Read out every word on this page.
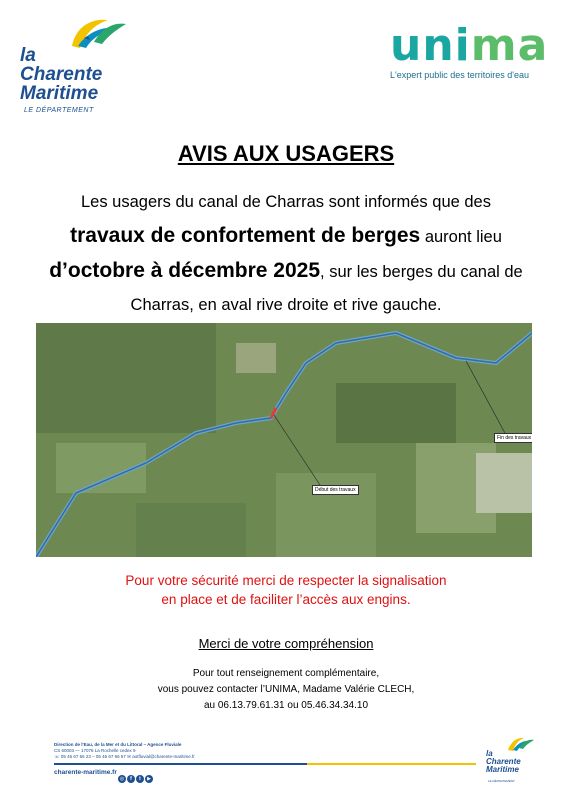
la
Charente
Maritime
LE DÉPARTEMENT
unima
L'expert public des territoires d'eau
AVIS AUX USAGERS
Les usagers du canal de Charras sont informés que des
travaux de confortement de berges auront lieu
d’octobre à décembre 2025, sur les berges du canal de Charras, en aval rive droite et rive gauche.
Début des travaux
Fin des travaux
Pour votre sécurité merci de respecter la signalisation
en place et de faciliter l’accès aux engins.
Merci de votre compréhension
Pour tout renseignement complémentaire,
vous pouvez contacter l’UNIMA, Madame Valérie CLECH,
au 06.13.79.61.31 ou 05.46.34.34.10
Direction de l'Eau, de la Mer et du Littoral – Agence Fluviale
CS 60003 — 17076 La Rochelle cedex 9
☏ 05 46 67 66 23 – 05 46 67 66 57 ✉ aotfluvial@charente-maritime.fr
charente-maritime.fr
◎ f t ▶
la
Charente
Maritime
LE DÉPARTEMENT
